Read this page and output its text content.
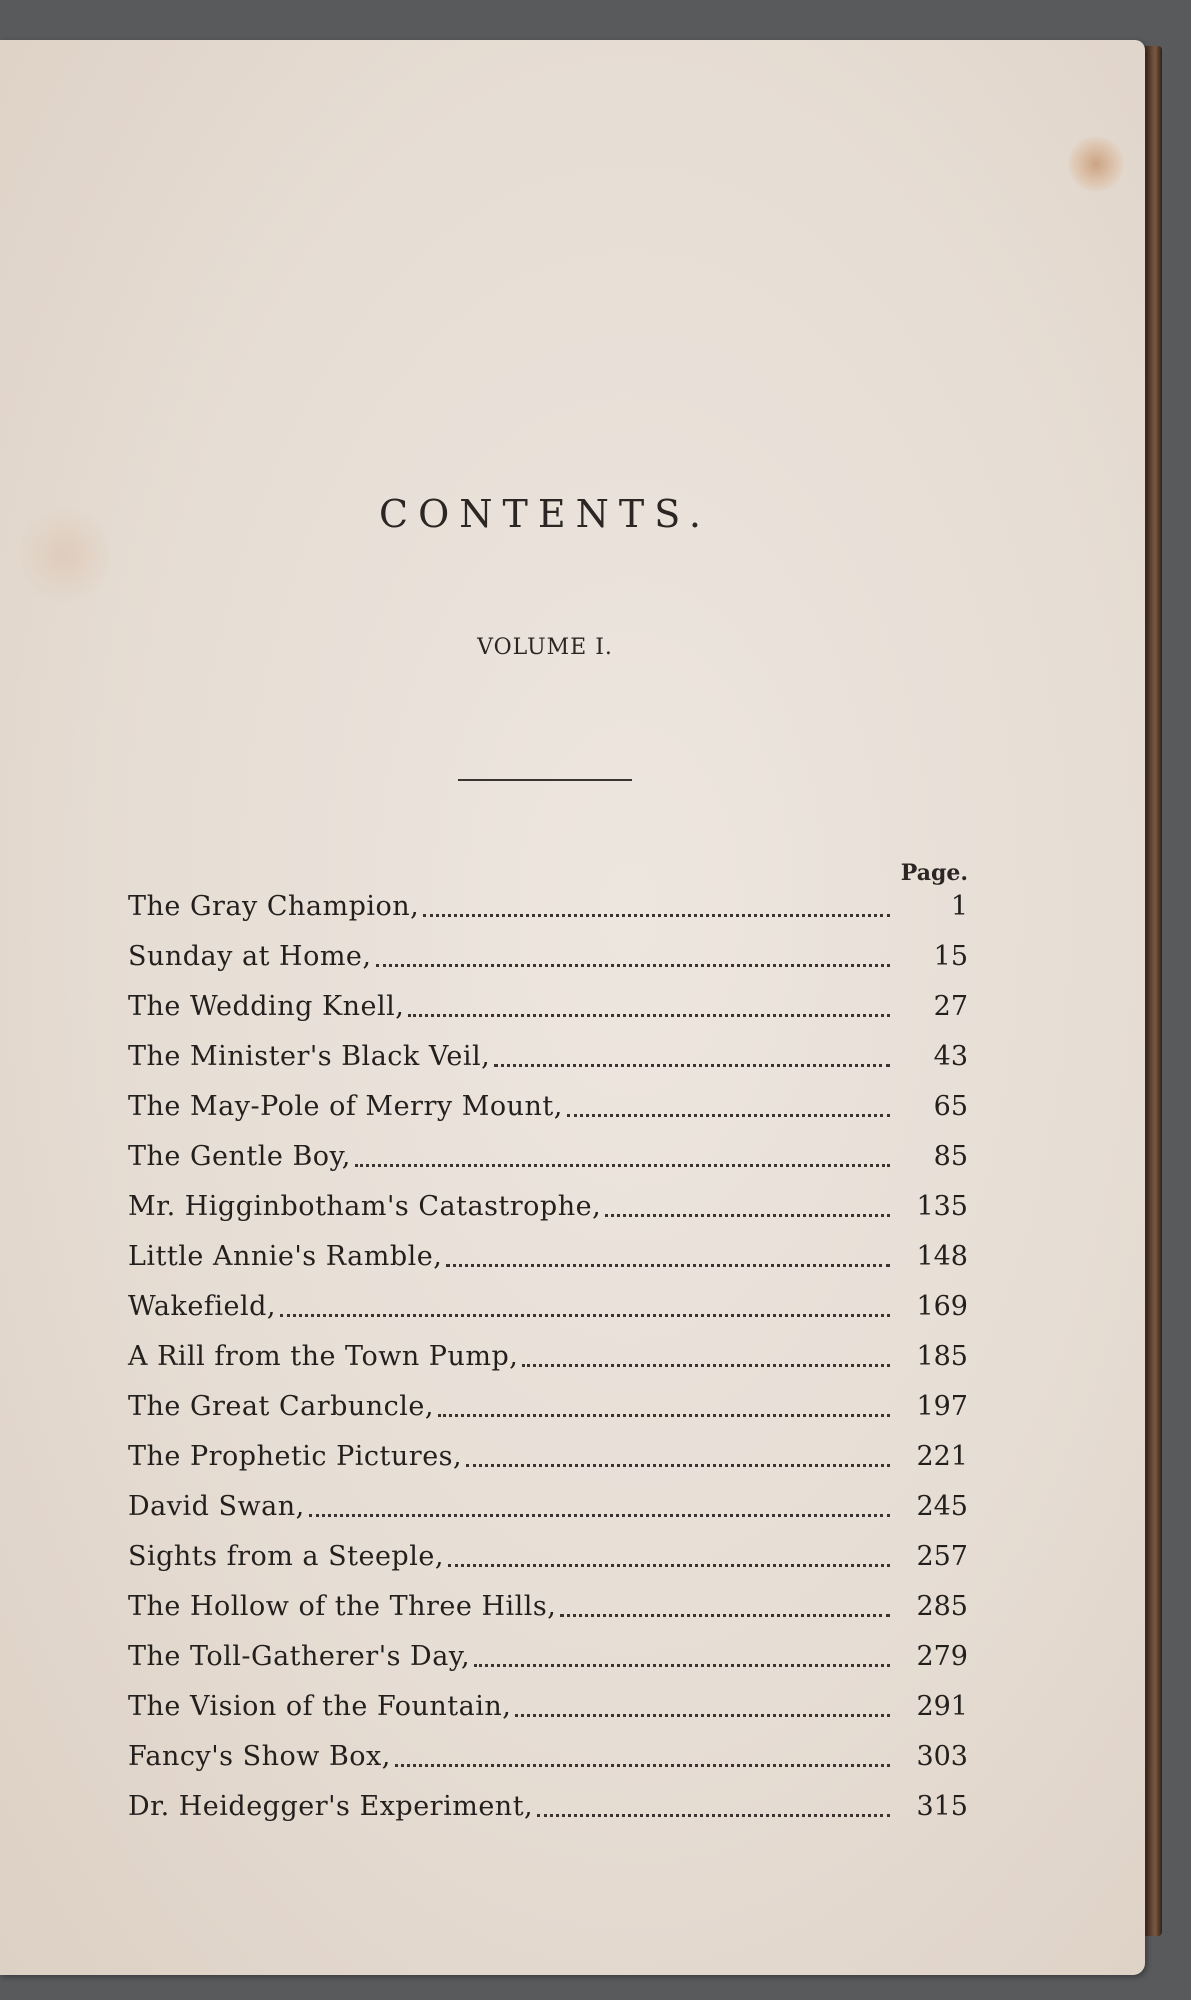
CONTENTS.
VOLUME I.
Page.
The Gray Champion,	1
Sunday at Home,	15
The Wedding Knell,	27
The Minister's Black Veil,	43
The May-Pole of Merry Mount,	65
The Gentle Boy,	85
Mr. Higginbotham's Catastrophe,	135
Little Annie's Ramble,	148
Wakefield,	169
A Rill from the Town Pump,	185
The Great Carbuncle,	197
The Prophetic Pictures,	221
David Swan,	245
Sights from a Steeple,	257
The Hollow of the Three Hills,	285
The Toll-Gatherer's Day,	279
The Vision of the Fountain,	291
Fancy's Show Box,	303
Dr. Heidegger's Experiment,	315
